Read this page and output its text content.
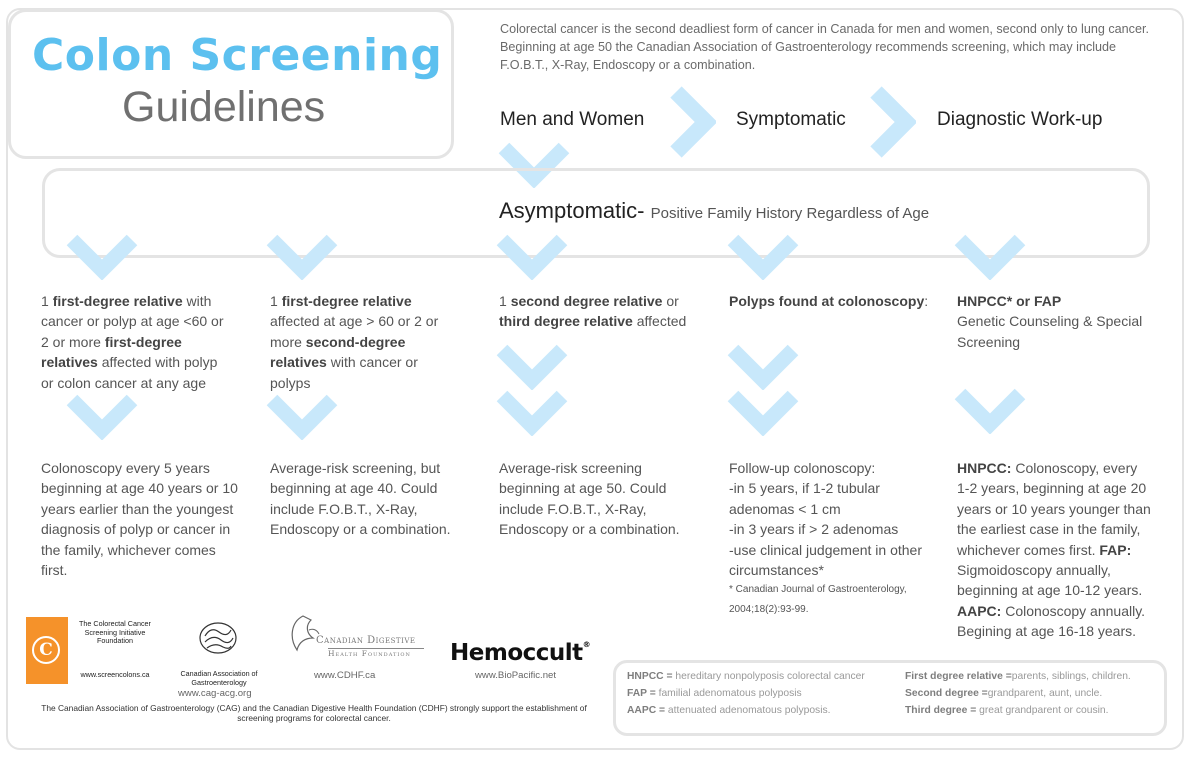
Colon Screening
Guidelines
Colorectal cancer is the second deadliest form of cancer in Canada for men and women, second only to lung cancer. Beginning at age 50 the Canadian Association of Gastroenterology recommends screening, which may include F.O.B.T., X-Ray, Endoscopy or a combination.
Men and Women	Symptomatic	Diagnostic Work-up
Asymptomatic- Positive Family History Regardless of Age
1 first-degree relative with cancer or polyp at age <60 or 2 or more first-degree relatives affected with polyp or colon cancer at any age
Colonoscopy every 5 years beginning at age 40 years or 10 years earlier than the youngest diagnosis of polyp or cancer in the family, whichever comes first.
1 first-degree relative affected at age > 60 or 2 or more second-degree relatives with cancer or polyps
Average-risk screening, but beginning at age 40. Could include F.O.B.T., X-Ray, Endoscopy or a combination.
1 second degree relative or third degree relative affected
Average-risk screening beginning at age 50. Could include F.O.B.T., X-Ray, Endoscopy or a combination.
Polyps found at colonoscopy:
Follow-up colonoscopy:
-in 5 years, if 1-2 tubular adenomas < 1 cm
-in 3 years if > 2 adenomas
-use clinical judgement in other circumstances*
* Canadian Journal of Gastroenterology, 2004;18(2):93-99.
HNPCC* or FAP
Genetic Counseling & Special Screening
HNPCC: Colonoscopy, every 1-2 years, beginning at age 20 years or 10 years younger than the earliest case in the family, whichever comes first. FAP: Sigmoidoscopy annually, beginning at age 10-12 years. AAPC: Colonoscopy annually. Begining at age 16-18 years.
C
The Colorectal Cancer Screening Initiative Foundation
www.screencolons.ca	Canadian Association of Gastroenterology
www.cag-acg.org
Canadian Digestive
Health Foundation
www.CDHF.ca
Hemoccult®
www.BioPacific.net
The Canadian Association of Gastroenterology (CAG) and the Canadian Digestive Health Foundation (CDHF) strongly support the establishment of screening programs for colorectal cancer.
HNPCC = hereditary nonpolyposis colorectal cancer
FAP = familial adenomatous polyposis
AAPC = attenuated adenomatous polyposis.
First degree relative =parents, siblings, children.
Second degree =grandparent, aunt, uncle.
Third degree = great grandparent or cousin.
